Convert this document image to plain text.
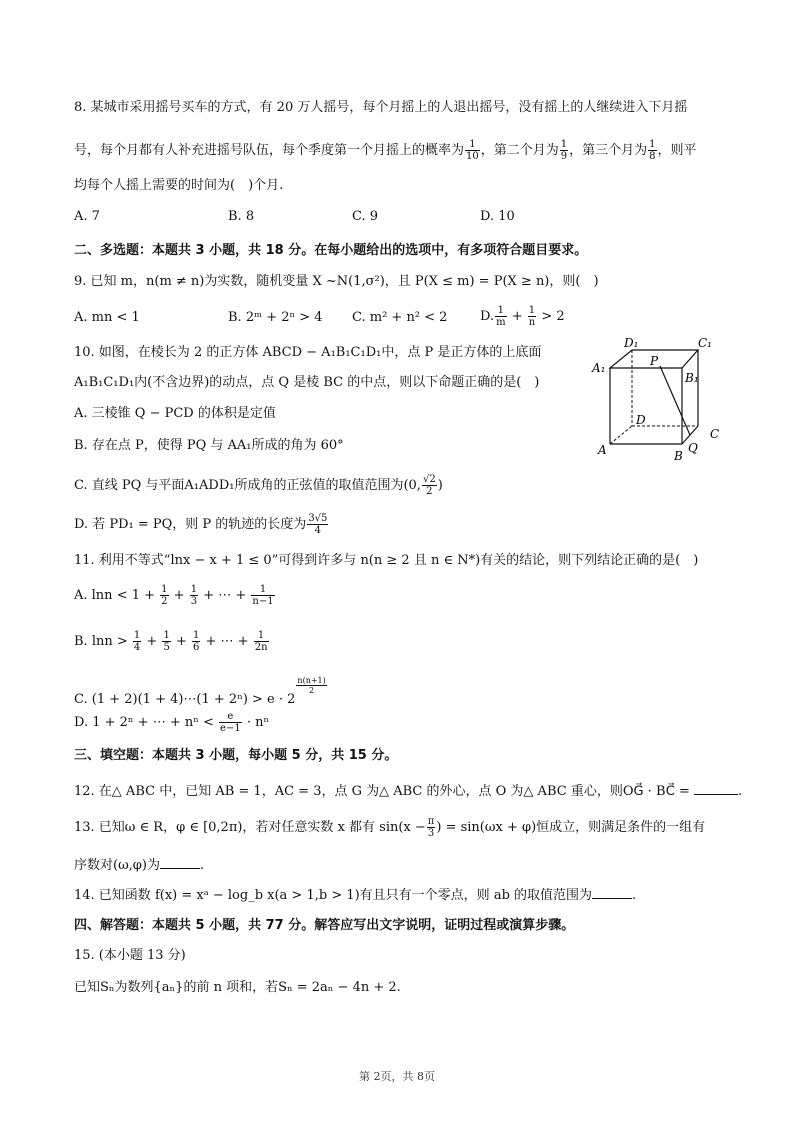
8. 某城市采用摇号买车的方式，有 20 万人摇号，每个月摇上的人退出摇号，没有摇上的人继续进入下月摇
号，每个月都有人补充进摇号队伍，每个季度第一个月摇上的概率为 $\frac{1}{10}$ ，第二个月为 $\frac{1}{9}$ ，第三个月为 $\frac{1}{8}$ ，则平
均每个人摇上需要的时间为(　)个月.
A. 7	B. 8	C. 9	D. 10
二、多选题：本题共 3 小题，共 18 分。在每小题给出的选项中，有多项符合题目要求。
9. 已知 m，n(m ≠ n)为实数，随机变量 X ~N(1,σ²)，且 P(X ≤ m) = P(X ≥ n)，则(　)
A. mn < 1	B. 2ᵐ + 2ⁿ > 4 C. m² + n² < 2	D. $\frac{1}{m} + \frac{1}{n} > 2$
10. 如图，在棱长为 2 的正方体 ABCD − A₁B₁C₁D₁中，点 P 是正方体的上底面
A₁B₁C₁D₁内(不含边界)的动点，点 Q 是棱 BC 的中点，则以下命题正确的是(　)
A. 三棱锥 Q − PCD 的体积是定值
B. 存在点 P，使得 PQ 与 AA₁所成的角为 60°
C. 直线 PQ 与平面A₁ADD₁所成角的正弦值的取值范围为(0, $\frac{√2}{2}$ )
D. 若 PD₁ = PQ，则 P 的轨迹的长度为 $\frac{3√5}{4}$
D₁	C₁
A₁	P
B₁
D
C
A	B
Q
11. 利用不等式“lnx − x + 1 ≤ 0”可得到许多与 n(n ≥ 2 且 n ∈ N*)有关的结论，则下列结论正确的是(　)
A. $\ln n < 1 + \frac{1}{2} + \frac{1}{3}$ + ⋯ + $\frac{1}{n-1}$
B. $\ln n > \frac{1}{4} + \frac{1}{5} + \frac{1}{6}$ + ⋯ + $\frac{1}{2n}$
C. (1 + 2)(1 + 4)⋯(1 + 2ⁿ) > e · 2
$\frac{n(n+1)}{2}$
D. 1 + 2ⁿ + ⋯ + $n^n < \frac{e}{e-1} \cdot n^n$
三、填空题：本题共 3 小题，每小题 5 分，共 15 分。
12. 在△ ABC 中，已知 AB = 1，AC = 3，点 G 为△ ABC 的外心，点 O 为△ ABC 重心，则OG⃗ · BC⃗ =	.
13. 已知ω ∈ R，φ ∈ [0,2π)，若对任意实数 x 都有 $\sin(x - \frac{\pi}{3}$ ) = sin(ωx + φ)恒成立，则满足条件的一组有
序数对(ω,φ)为	.
14. 已知函数 f(x) = xᵃ − log_b x(a > 1,b > 1)有且只有一个零点，则 ab 的取值范围为	.
四、解答题：本题共 5 小题，共 77 分。解答应写出文字说明，证明过程或演算步骤。
15. (本小题 13 分)
已知Sₙ为数列{aₙ}的前 n 项和，若Sₙ = 2aₙ − 4n + 2.
第 2页，共 8页
